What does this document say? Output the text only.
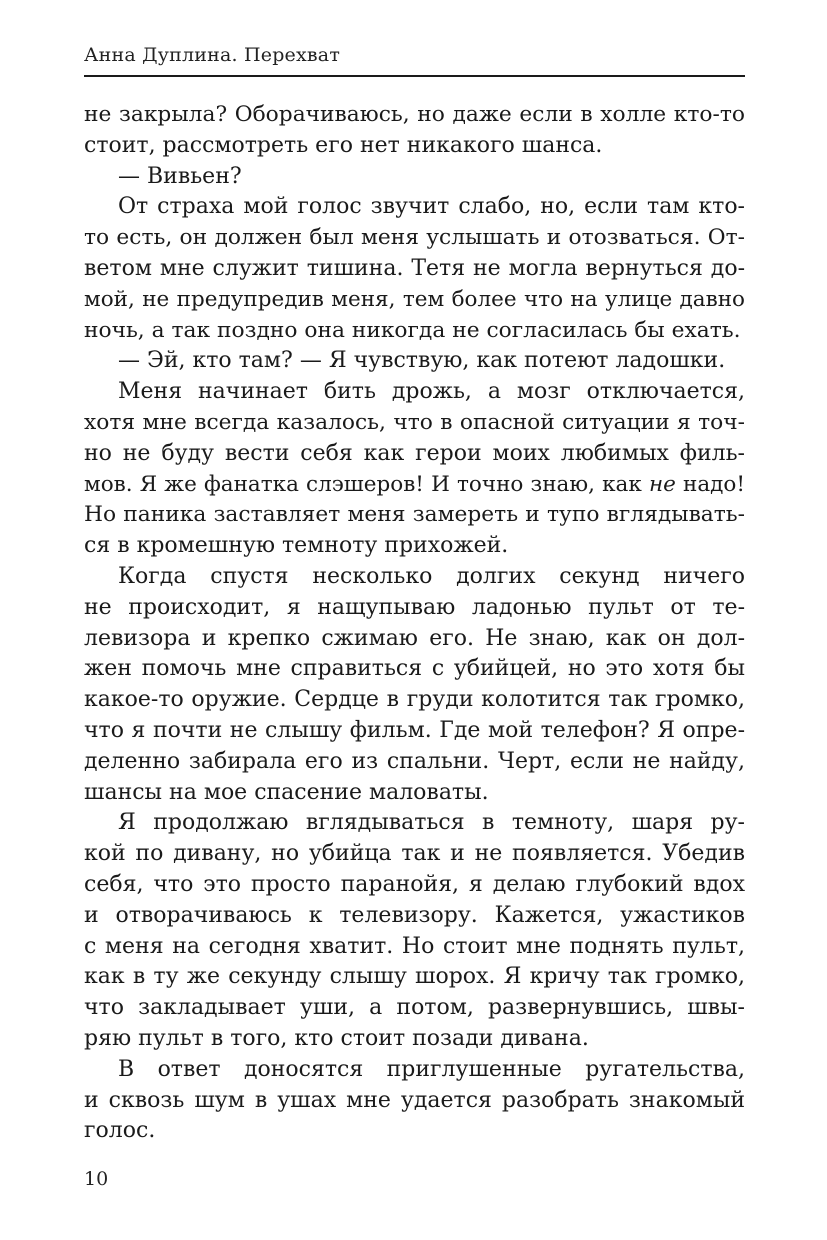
Анна Дуплина. Перехват
не закрыла? Оборачиваюсь, но даже если в холле кто-то
стоит, рассмотреть его нет никакого шанса.
— Вивьен?
От страха мой голос звучит слабо, но, если там кто-
то есть, он должен был меня услышать и отозваться. От-
ветом мне служит тишина. Тетя не могла вернуться до-
мой, не предупредив меня, тем более что на улице давно
ночь, а так поздно она никогда не согласилась бы ехать.
— Эй, кто там? — Я чувствую, как потеют ладошки.
Меня начинает бить дрожь, а мозг отключается,
хотя мне всегда казалось, что в опасной ситуации я точ-
но не буду вести себя как герои моих любимых филь-
мов. Я же фанатка слэшеров! И точно знаю, как не надо!
Но паника заставляет меня замереть и тупо вглядывать-
ся в кромешную темноту прихожей.
Когда спустя несколько долгих секунд ничего
не происходит, я нащупываю ладонью пульт от те-
левизора и крепко сжимаю его. Не знаю, как он дол-
жен помочь мне справиться с убийцей, но это хотя бы
какое-то оружие. Сердце в груди колотится так громко,
что я почти не слышу фильм. Где мой телефон? Я опре-
деленно забирала его из спальни. Черт, если не найду,
шансы на мое спасение маловаты.
Я продолжаю вглядываться в темноту, шаря ру-
кой по дивану, но убийца так и не появляется. Убедив
себя, что это просто паранойя, я делаю глубокий вдох
и отворачиваюсь к телевизору. Кажется, ужастиков
с меня на сегодня хватит. Но стоит мне поднять пульт,
как в ту же секунду слышу шорох. Я кричу так громко,
что закладывает уши, а потом, развернувшись, швы-
ряю пульт в того, кто стоит позади дивана.
В ответ доносятся приглушенные ругательства,
и сквозь шум в ушах мне удается разобрать знакомый
голос.
10
